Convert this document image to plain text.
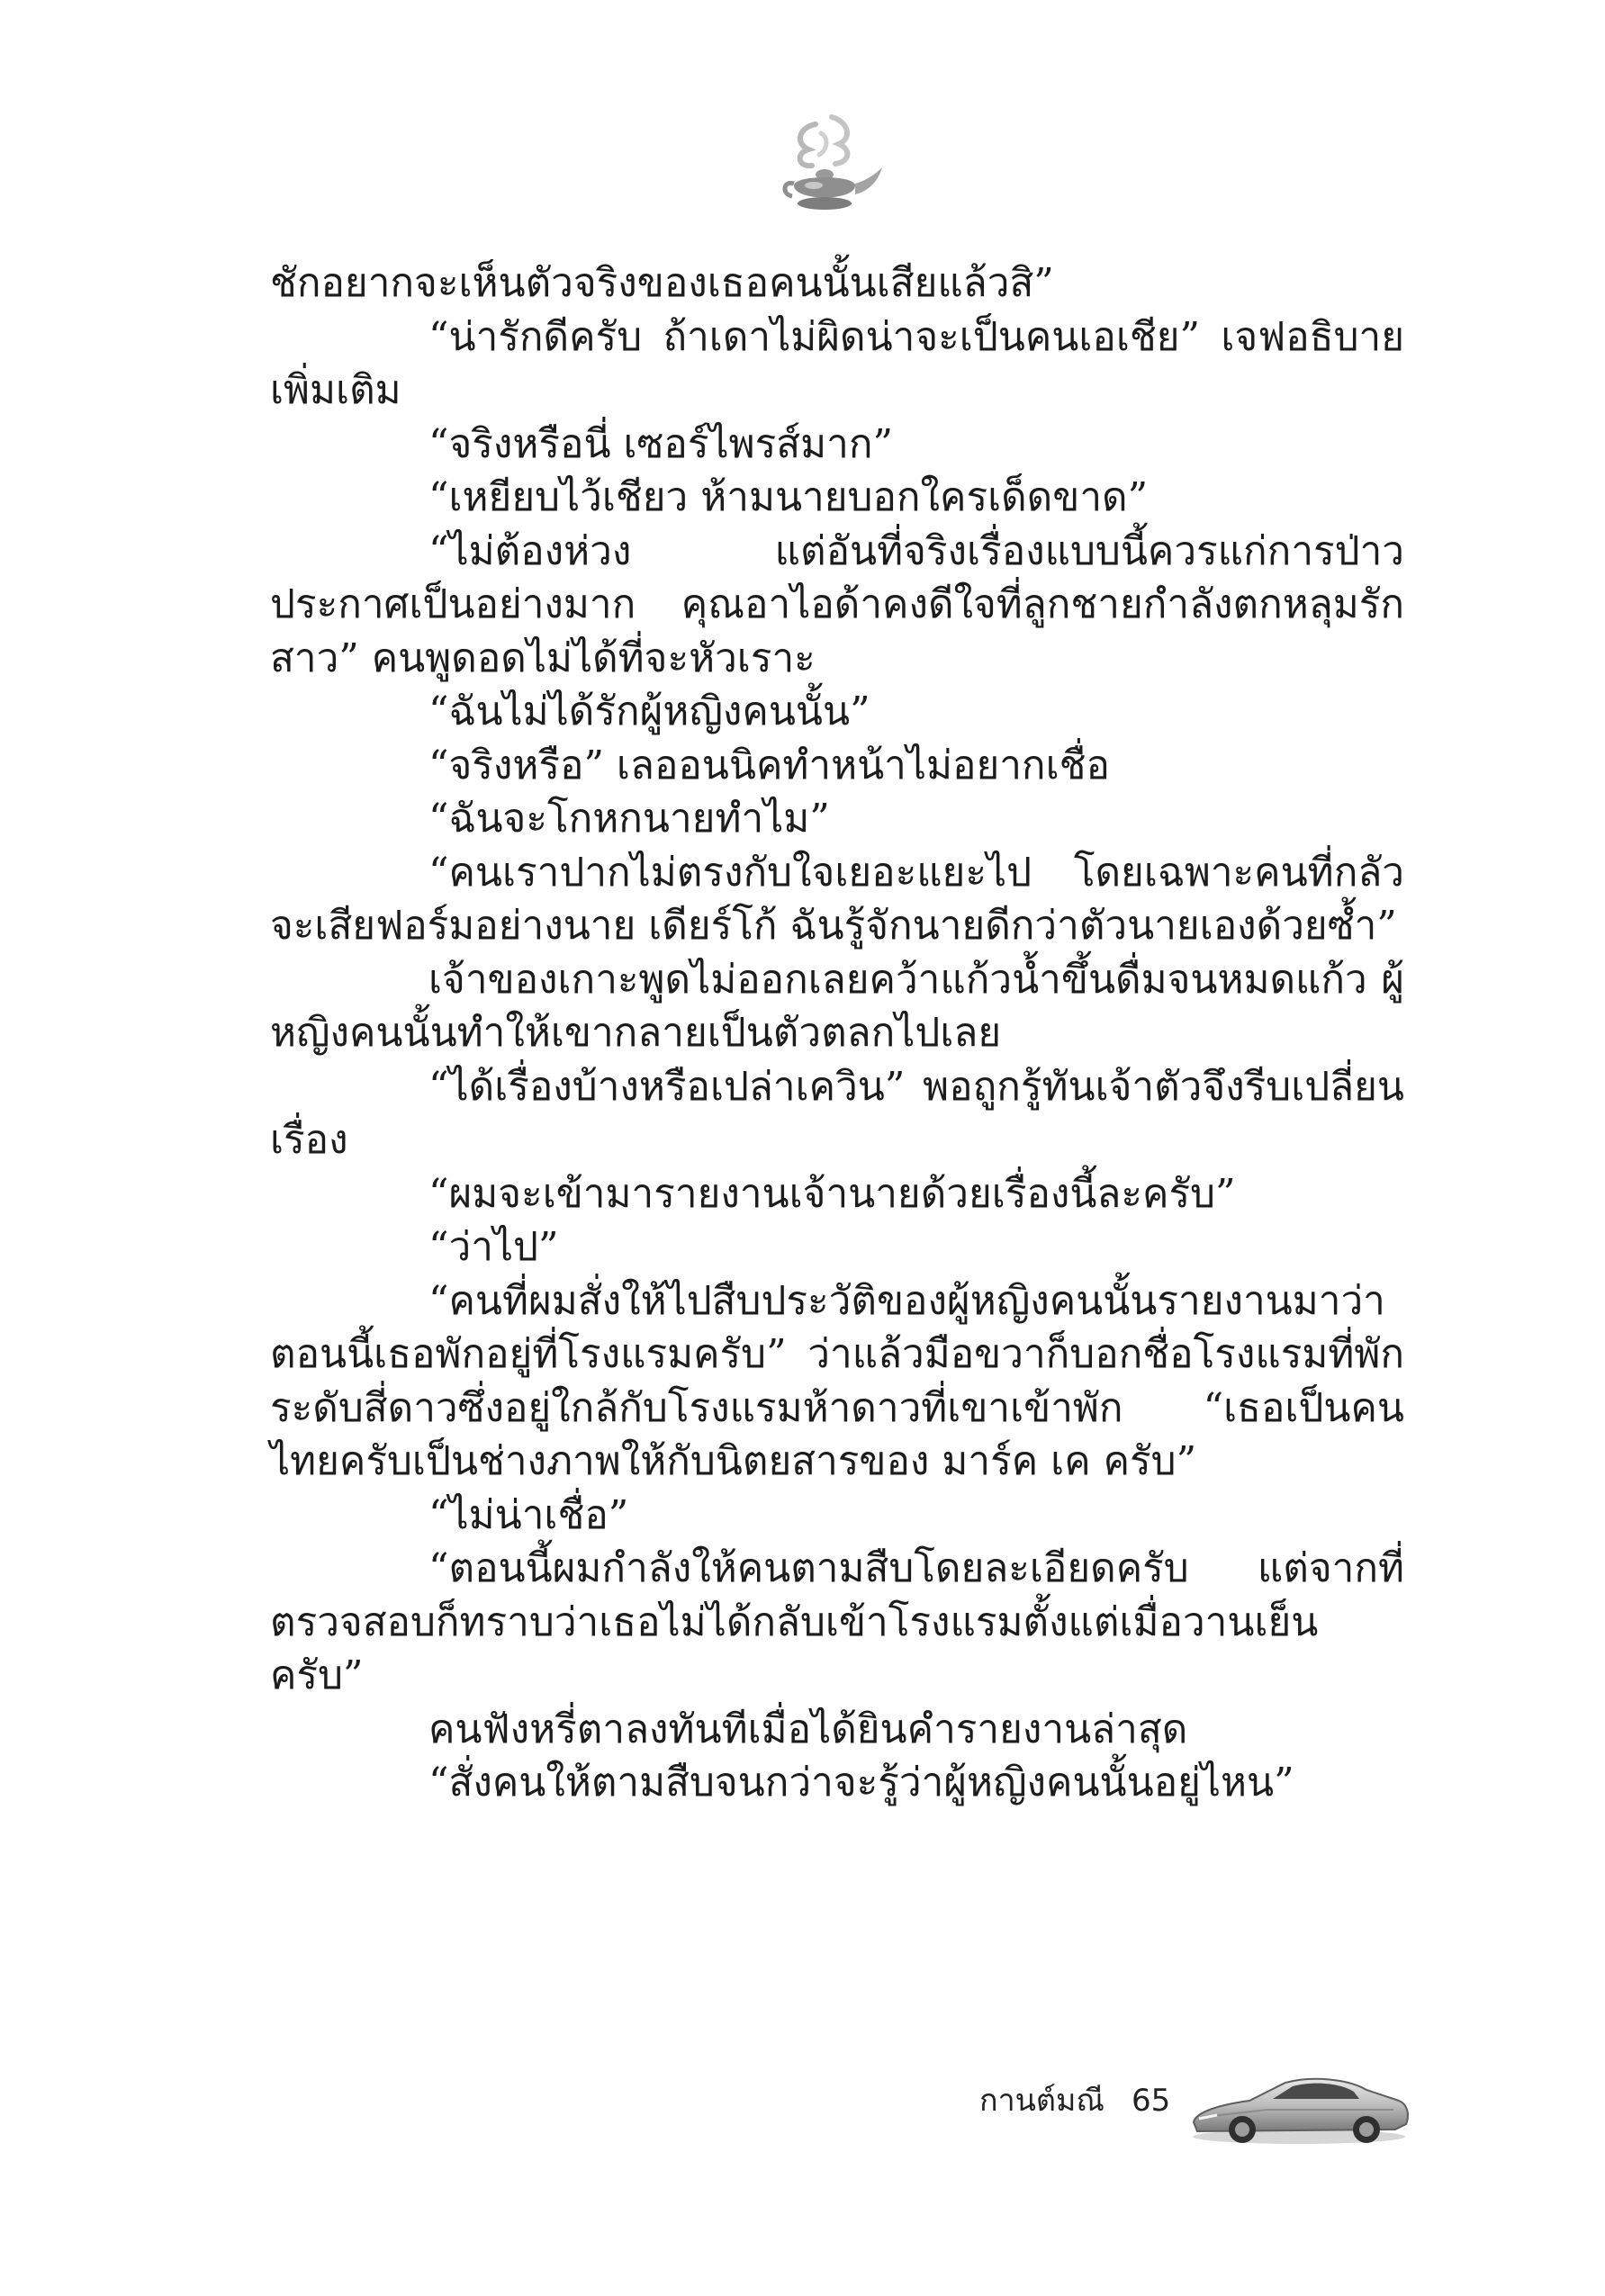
ชักอยากจะเห็นตัวจริงของเธอคนนั้นเสียแล้วสิ”

“น่ารักดีครับ ถ้าเดาไม่ผิดน่าจะเป็นคนเอเชีย” เจฟอธิบายเพิ่มเติม

“จริงหรือนี่ เซอร์ไพรส์มาก”

“เหยียบไว้เชียว ห้ามนายบอกใครเด็ดขาด”

“ไม่ต้องห่วง แต่อันที่จริงเรื่องแบบนี้ควรแก่การป่าวประกาศเป็นอย่างมาก คุณอาไอด้าคงดีใจที่ลูกชายกำลังตกหลุมรักสาว” คนพูดอดไม่ได้ที่จะหัวเราะ

“ฉันไม่ได้รักผู้หญิงคนนั้น”

“จริงหรือ” เลออนนิคทำหน้าไม่อยากเชื่อ

“ฉันจะโกหกนายทำไม”

“คนเราปากไม่ตรงกับใจเยอะแยะไป โดยเฉพาะคนที่กลัวจะเสียฟอร์มอย่างนาย เดียร์โก้ ฉันรู้จักนายดีกว่าตัวนายเองด้วยซ้ำ”

เจ้าของเกาะพูดไม่ออกเลยคว้าแก้วน้ำขึ้นดื่มจนหมดแก้ว ผู้หญิงคนนั้นทำให้เขากลายเป็นตัวตลกไปเลย

“ได้เรื่องบ้างหรือเปล่าเควิน” พอถูกรู้ทันเจ้าตัวจึงรีบเปลี่ยนเรื่อง

“ผมจะเข้ามารายงานเจ้านายด้วยเรื่องนี้ละครับ”

“ว่าไป”

“คนที่ผมสั่งให้ไปสืบประวัติของผู้หญิงคนนั้นรายงานมาว่าตอนนี้เธอพักอยู่ที่โรงแรมครับ” ว่าแล้วมือขวาก็บอกชื่อโรงแรมที่พักระดับสี่ดาวซึ่งอยู่ใกล้กับโรงแรมห้าดาวที่เขาเข้าพัก “เธอเป็นคนไทยครับเป็นช่างภาพให้กับนิตยสารของ มาร์ค เค ครับ”

“ไม่น่าเชื่อ”

“ตอนนี้ผมกำลังให้คนตามสืบโดยละเอียดครับ แต่จากที่ตรวจสอบก็ทราบว่าเธอไม่ได้กลับเข้าโรงแรมตั้งแต่เมื่อวานเย็นครับ”

คนฟังหรี่ตาลงทันทีเมื่อได้ยินคำรายงานล่าสุด

“สั่งคนให้ตามสืบจนกว่าจะรู้ว่าผู้หญิงคนนั้นอยู่ไหน”

กานต์มณี 65
